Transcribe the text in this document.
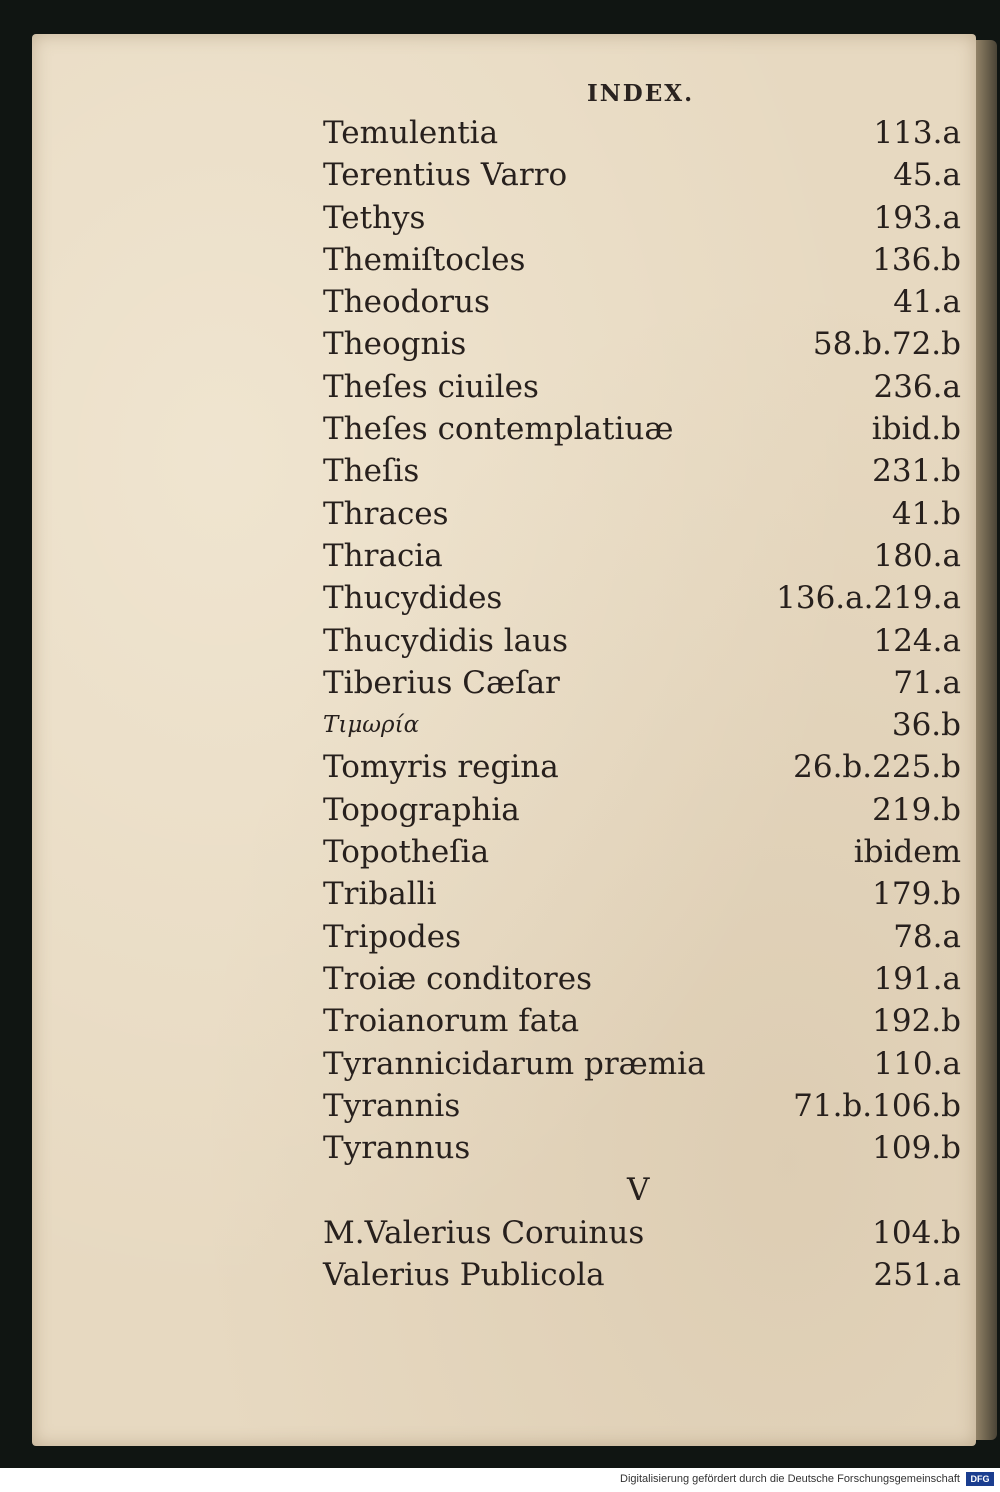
INDEX.
Temulentia	113.a
Terentius Varro	45.a
Tethys	193.a
Themiſtocles	136.b
Theodorus	41.a
Theognis	58.b.72.b
Theſes ciuiles	236.a
Theſes contemplatiuæ	ibid.b
Theſis	231.b
Thraces	41.b
Thracia	180.a
Thucydides	136.a.219.a
Thucydidis laus	124.a
Tiberius Cæſar	71.a
Τιμωρία	36.b
Tomyris regina	26.b.225.b
Topographia	219.b
Topotheſia	ibidem
Triballi	179.b
Tripodes	78.a
Troiæ conditores	191.a
Troianorum fata	192.b
Tyrannicidarum præmia	110.a
Tyrannis	71.b.106.b
Tyrannus	109.b
V
M.Valerius Coruinus	104.b
Valerius Publicola	251.a
Digitalisierung gefördert durch die Deutsche Forschungsgemeinschaft	DFG
